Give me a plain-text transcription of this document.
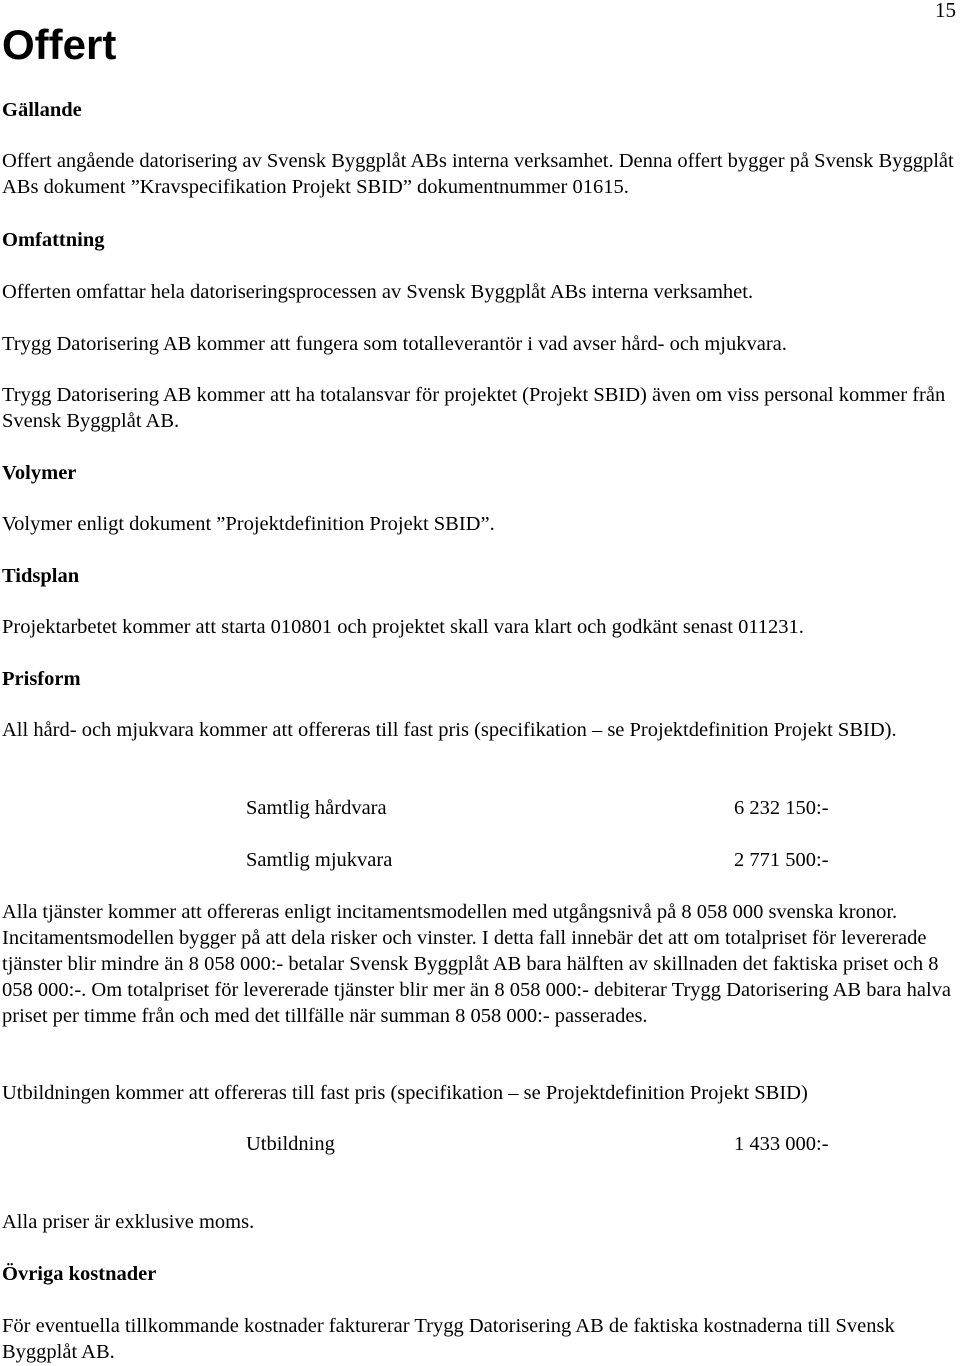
15
Offert

Gällande

Offert angående datorisering av Svensk Byggplåt ABs interna verksamhet. Denna offert bygger på Svensk Byggplåt ABs dokument ”Kravspecifikation Projekt SBID” dokumentnummer 01615.

Omfattning

Offerten omfattar hela datoriseringsprocessen av Svensk Byggplåt ABs interna verksamhet.

Trygg Datorisering AB kommer att fungera som totalleverantör i vad avser hård- och mjukvara.

Trygg Datorisering AB kommer att ha totalansvar för projektet (Projekt SBID) även om viss personal kommer från Svensk Byggplåt AB.

Volymer

Volymer enligt dokument ”Projektdefinition Projekt SBID”.

Tidsplan

Projektarbetet kommer att starta 010801 och projektet skall vara klart och godkänt senast 011231.

Prisform

All hård- och mjukvara kommer att offereras till fast pris (specifikation – se Projektdefinition Projekt SBID).

Samtlig hårdvara	6 232 150:-
Samtlig mjukvara	2 771 500:-

Alla tjänster kommer att offereras enligt incitamentsmodellen med utgångsnivå på 8 058 000 svenska kronor. Incitamentsmodellen bygger på att dela risker och vinster. I detta fall innebär det att om totalpriset för levererade tjänster blir mindre än 8 058 000:- betalar Svensk Byggplåt AB bara hälften av skillnaden det faktiska priset och 8 058 000:-. Om totalpriset för levererade tjänster blir mer än 8 058 000:- debiterar Trygg Datorisering AB bara halva priset per timme från och med det tillfälle när summan 8 058 000:- passerades.

Utbildningen kommer att offereras till fast pris (specifikation – se Projektdefinition Projekt SBID)

Utbildning	1 433 000:-

Alla priser är exklusive moms.

Övriga kostnader

För eventuella tillkommande kostnader fakturerar Trygg Datorisering AB de faktiska kostnaderna till Svensk Byggplåt AB.
